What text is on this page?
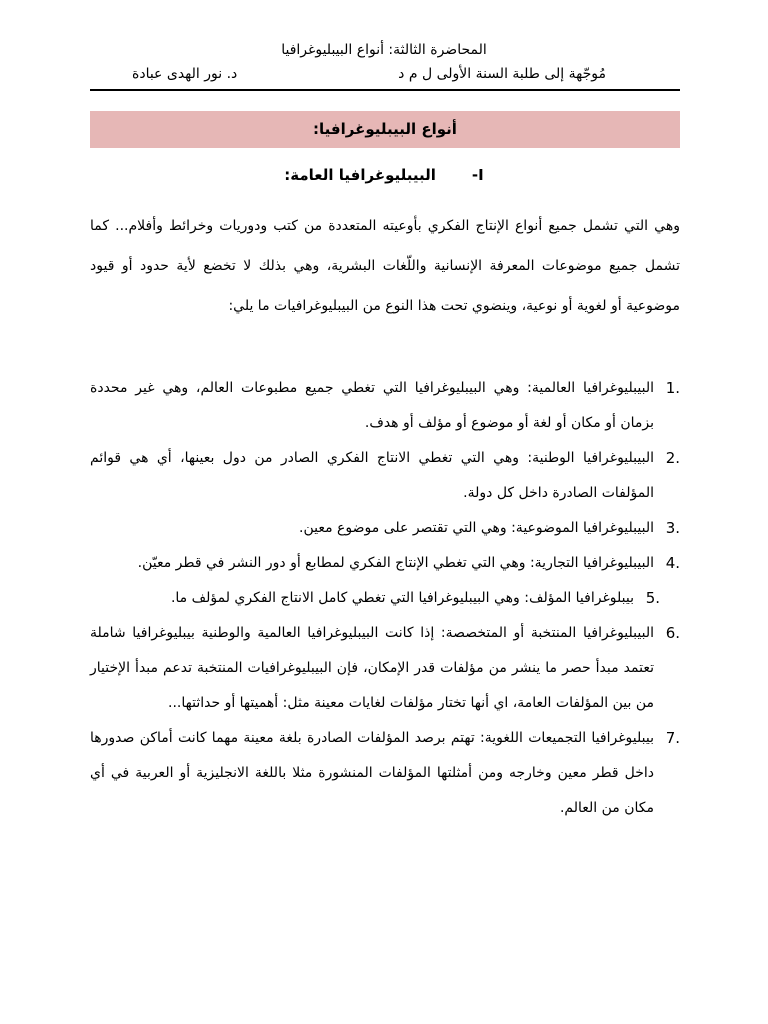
المحاضرة الثالثة: أنواع البيبليوغرافيا
مُوجّهة إلى طلبة السنة الأولى ل م د
د. نور الهدى عبادة
أنواع البيبليوغرافيا:
I-البيبليوغرافيا العامة:

وهي التي تشمل جميع أنواع الإنتاج الفكري بأوعيته المتعددة من كتب ودوريات وخرائط وأفلام... كما تشمل جميع موضوعات المعرفة الإنسانية واللّغات البشرية، وهي بذلك لا تخضع لأية حدود أو قيود موضوعية أو لغوية أو نوعية، وينضوي تحت هذا النوع من البيبليوغرافيات ما يلي:

1.
البيبليوغرافيا العالمية: وهي البيبليوغرافيا التي تغطي جميع مطبوعات العالم، وهي غير محددة بزمان أو مكان أو لغة أو موضوع أو مؤلف أو هدف.
2.
البيبليوغرافيا الوطنية: وهي التي تغطي الانتاج الفكري الصادر من دول بعينها، أي هي قوائم المؤلفات الصادرة داخل كل دولة.
3.
البيبليوغرافيا الموضوعية: وهي التي تقتصر على موضوع معين.
4.
البيبليوغرافيا التجارية: وهي التي تغطي الإنتاج الفكري لمطابع أو دور النشر في قطر معيّن.
5.
بيبلوغرافيا المؤلف: وهي البيبليوغرافيا التي تغطي كامل الانتاج الفكري لمؤلف ما.
6.
البيبليوغرافيا المنتخبة أو المتخصصة: إذا كانت البيبليوغرافيا العالمية والوطنية بيبليوغرافيا شاملة تعتمد مبدأ حصر ما ينشر من مؤلفات قدر الإمكان، فإن البيبليوغرافيات المنتخبة تدعم مبدأ الإختيار من بين المؤلفات العامة، اي أنها تختار مؤلفات لغايات معينة مثل: أهميتها أو حداثتها...
7.
بيبليوغرافيا التجميعات اللغوية: تهتم برصد المؤلفات الصادرة بلغة معينة مهما كانت أماكن صدورها داخل قطر معين وخارجه ومن أمثلتها المؤلفات المنشورة مثلا باللغة الانجليزية أو العربية في أي مكان من العالم.
